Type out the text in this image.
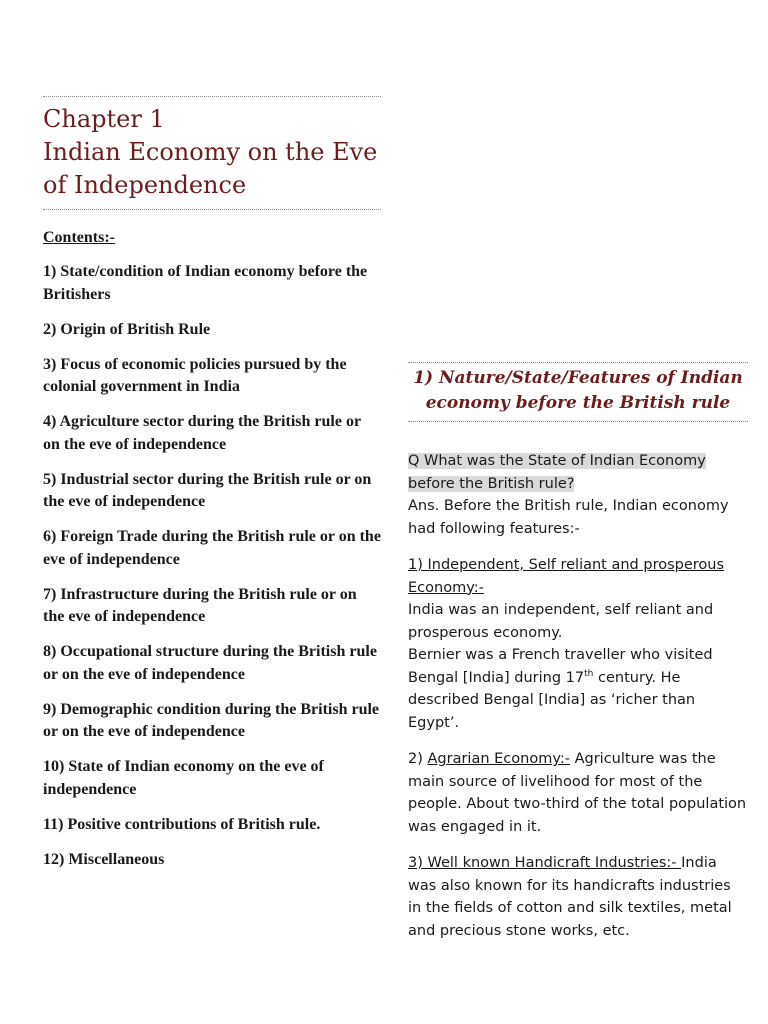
Chapter 1
Indian Economy on the Eve
of Independence
Contents:-
1) State/condition of Indian economy before the Britishers
2) Origin of British Rule
3) Focus of economic policies pursued by the colonial government in India
4) Agriculture sector during the British rule or on the eve of independence
5) Industrial sector during the British rule or on the eve of independence
6) Foreign Trade during the British rule or on the eve of independence
7) Infrastructure during the British rule or on the eve of independence
8) Occupational structure during the British rule or on the eve of independence
9) Demographic condition during the British rule or on the eve of independence
10) State of Indian economy on the eve of independence
11) Positive contributions of British rule.
12) Miscellaneous
1) Nature/State/Features of Indian economy before the British rule
Q What was the State of Indian Economy before the British rule?
Ans. Before the British rule, Indian economy had following features:-
1) Independent, Self reliant and prosperous Economy:-
India was an independent, self reliant and prosperous economy.
Bernier was a French traveller who visited Bengal [India] during 17th century. He described Bengal [India] as ‘richer than Egypt’.
2) Agrarian Economy:- Agriculture was the main source of livelihood for most of the people. About two-third of the total population was engaged in it.
3) Well known Handicraft Industries:- India was also known for its handicrafts industries in the fields of cotton and silk textiles, metal and precious stone works, etc.
